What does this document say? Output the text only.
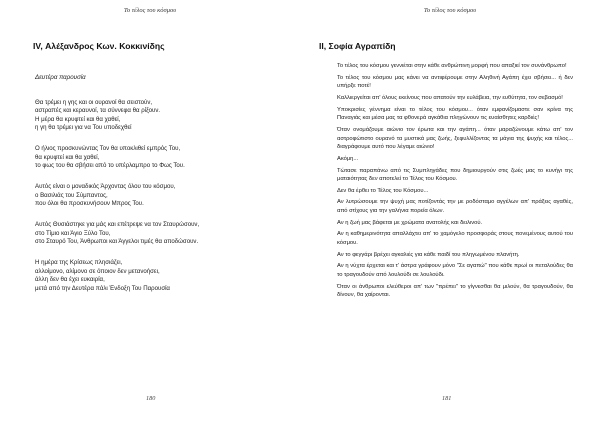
Το τέλος του κόσμου
IV, Αλέξανδρος Κων. Κοκκινίδης
Δευτέρα παρουσία
Θα τρέμει η γης και οι ουρανοί θα σειστούν,
αστραπές και κεραυνοί, τα σύννεφα θα ρίξουν.
Η μέρα θα κρυφτεί και θα χαθεί,
η γη θα τρέμει για να Του υποδεχθεί
Ο ήλιος προσκυνώντας Τον θα υποκλιθεί εμπρός Του,
θα κρυφτεί και θα χαθεί,
το φως του θα σβήσει από το υπέρλαμπρο το Φως Του.
Αυτός είναι ο μοναδικός Άρχοντας όλου του κόσμου,
ο Βασιλιάς του Σύμπαντος,
που όλοι θα προσκυνήσουν Μπρος Του.
Αυτός Θυσιάστηκε για μάς και επέτρεψε να τον Σταυρώσουν,
στο Τίμιο και Άγιο Ξύλο Του,
στο Σταυρό Του, Άνθρωποι και Άγγελοι τιμές θα αποδώσουν.
Η ημέρα της Κρίσεως πλησιάζει,
αλλοίμονο, αλίμονο σε όποιον δεν μετανοήσει,
άλλη δεν θα έχει ευκαιρία,
μετά από την Δευτέρα πάλι Ένδοξη Του Παρουσία
180
Το τέλος του κόσμου
II, Σοφία Αγραπίδη
Το τέλος του κόσμου γεννιέται στην κάθε ανθρώπινη μορφή που απαξιεί τον συνάνθρωπο!
Το τέλος του κόσμου μας κάνει να αντιφέρουμε στην Αληθινή Αγάπη έχει σβήσει... ή δεν υπήρξε ποτέ!
Καλλιεργείται απ' όλους εκείνους που απατούν την ευλάβεια, την ευθύτητα, τον σεβασμό!
Υποκρισίες γέννημα είναι το τέλος του κόσμου... όταν εμφανίζομαστε σαν κρίνα της Παναγιάς και μέσα μας τα φθονερά αγκάθια πληγώνουν τις ευαίσθητες καρδιές!
Όταν ονομάζουμε αιώνιο τον έρωτα και την αγάπη... όταν μαραζώνουμε κάτω απ' τον αστροφώτιστο ουρανό τα μυστικά μας ζωής, ξεφυλλίζοντας τα μάγια της ψυχής και τέλος... διαγράφουμε αυτό που λέγαμε αιώνιο!
Ακόμη...
Τώτασε παραπάνω από τις Συμπληγάδες που δημιουργούν στις ζωές μας το κυνήγι της ματαιότητας δεν αποτελεί το Τέλος του Κόσμου.
Δεν θα έρθει το Τέλος του Κόσμου...
Αν λυτρώσουμε την ψυχή μας ποτίζοντάς την με ροδόσταμο αγγέλων απ' πράξεις αγαθές, από στίχους για την γαλήνια πορεία όλων.
Αν η ζωή μας βάφεται με χρώματα ανατολής και δειλινού.
Αν η καθημερινότητα απαλλάχτει απ' το χαμόγελο προσφοράς στους πονεμένους αυτού του κόσμου.
Αν το φεγγάρι βρέχει αγκαλιές για κάθε παιδί του πληγωμένου πλανήτη.
Αν η νύχτα έρχεται και τ' άστρα γράφουν μόνο "Σε αγαπώ" που κάθε πρωί οι πεταλούδες θα το τραγουδούν από λουλούδι σε λουλούδι.
Όταν οι άνθρωποι ελεύθεροι απ' των "πρέπει" το γίγνεσθαι θα μιλούν, θα τραγουδούν, θα δίνουν, θα χαίρονται.
181
